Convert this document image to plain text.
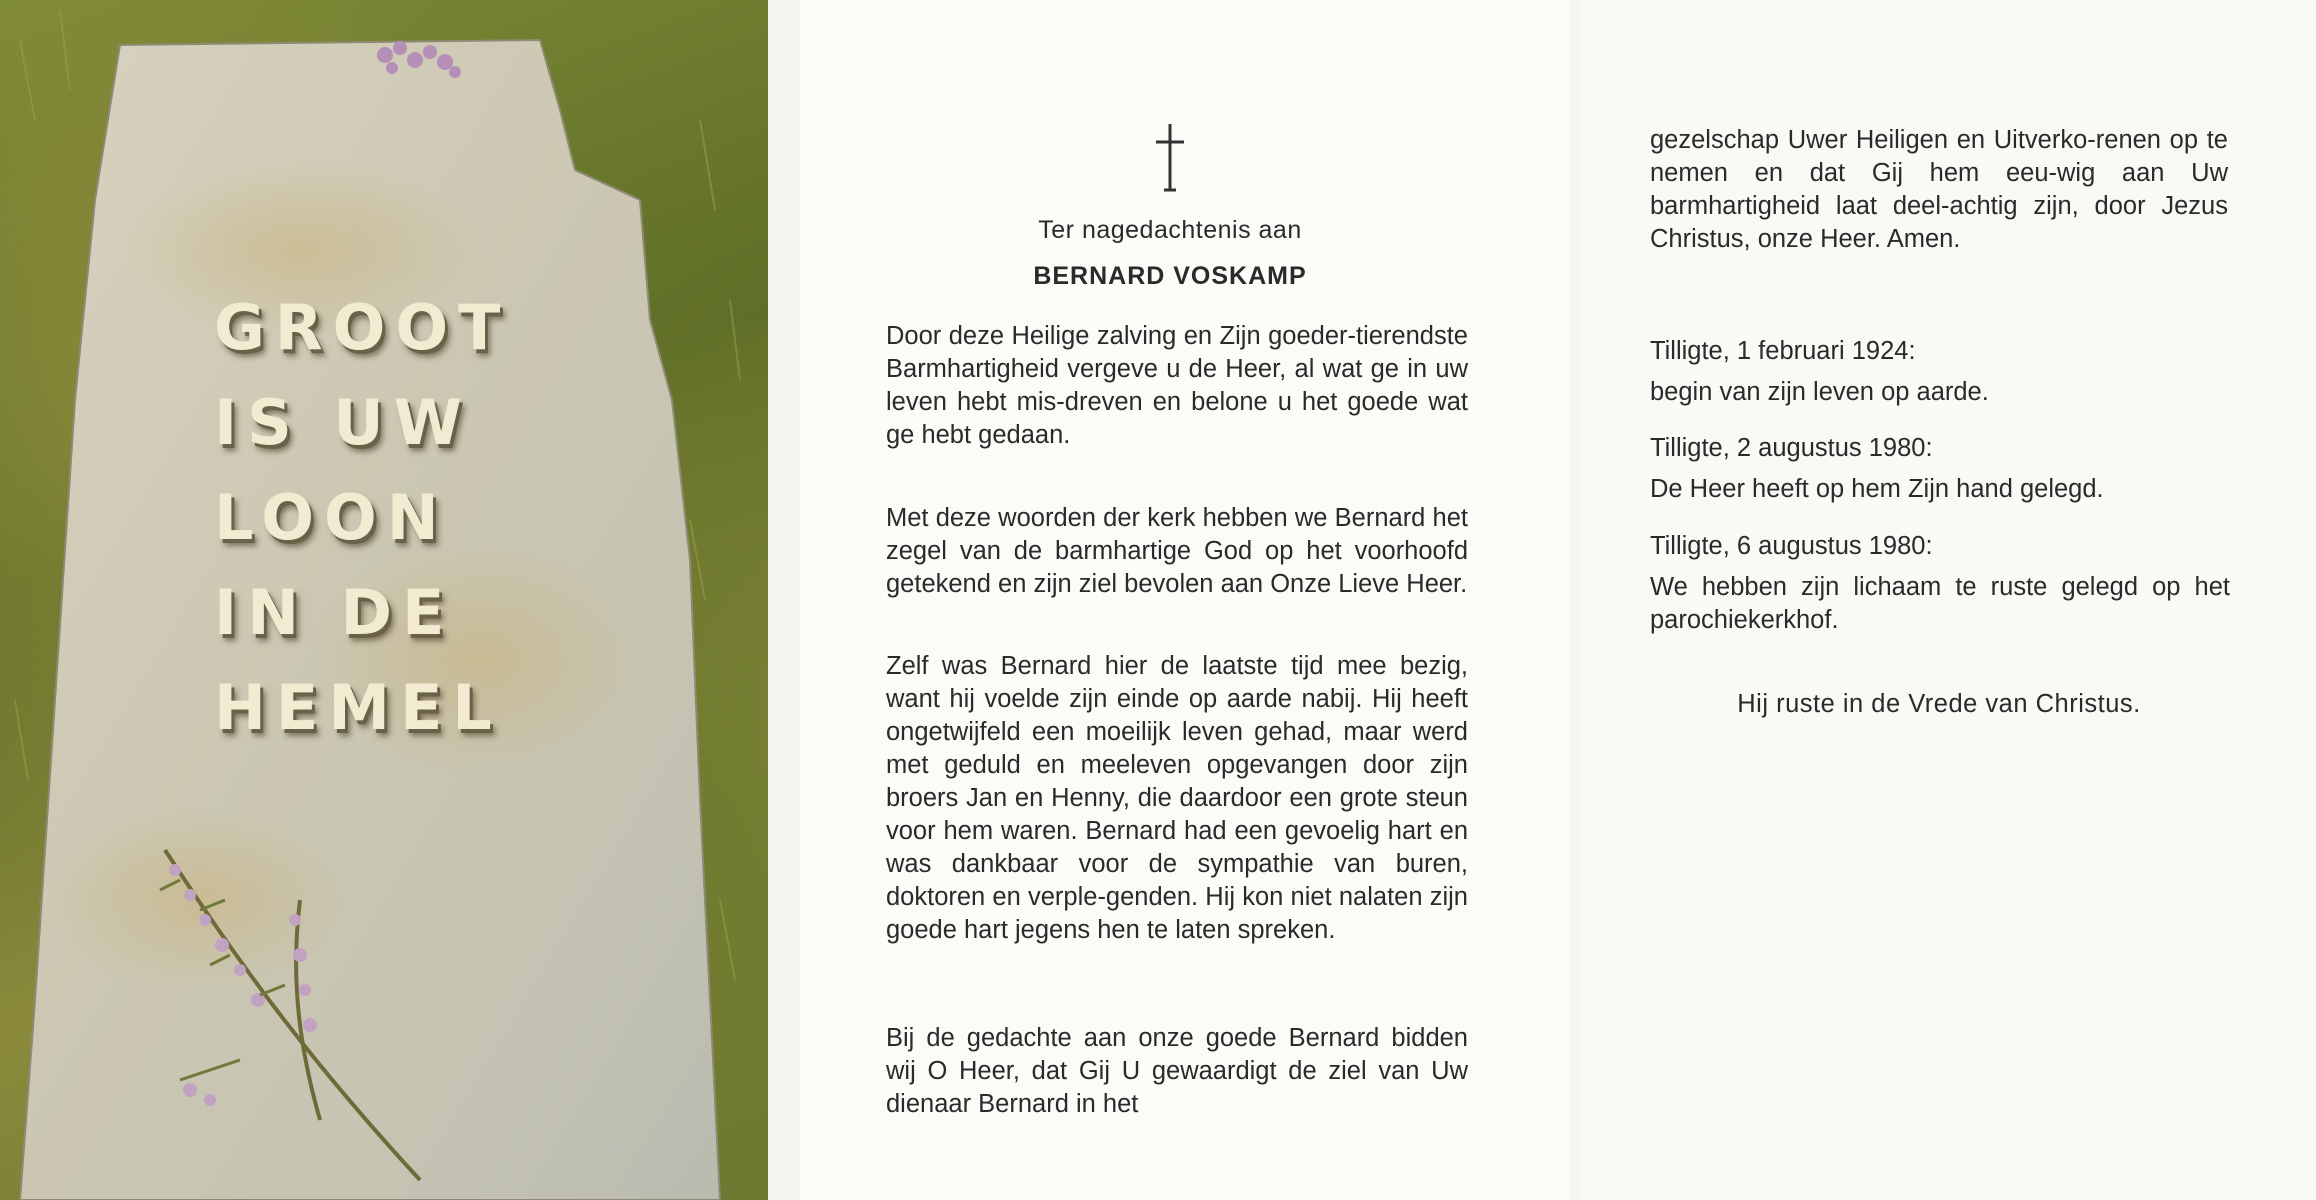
GROOT
IS UW
LOON
IN DE
HEMEL
Ter nagedachtenis aan
BERNARD VOSKAMP
Door deze Heilige zalving en Zijn goeder-tierendste Barmhartigheid vergeve u de Heer, al wat ge in uw leven hebt mis-dreven en belone u het goede wat ge hebt gedaan.
Met deze woorden der kerk hebben we Bernard het zegel van de barmhartige God op het voorhoofd getekend en zijn ziel bevolen aan Onze Lieve Heer.
Zelf was Bernard hier de laatste tijd mee bezig, want hij voelde zijn einde op aarde nabij. Hij heeft ongetwijfeld een moeilijk leven gehad, maar werd met geduld en meeleven opgevangen door zijn broers Jan en Henny, die daardoor een grote steun voor hem waren. Bernard had een gevoelig hart en was dankbaar voor de sympathie van buren, doktoren en verple-genden. Hij kon niet nalaten zijn goede hart jegens hen te laten spreken.
Bij de gedachte aan onze goede Bernard bidden wij O Heer, dat Gij U gewaardigt de ziel van Uw dienaar Bernard in het
gezelschap Uwer Heiligen en Uitverko-renen op te nemen en dat Gij hem eeu-wig aan Uw barmhartigheid laat deel-achtig zijn, door Jezus Christus, onze Heer. Amen.
Tilligte, 1 februari 1924:
begin van zijn leven op aarde.
Tilligte, 2 augustus 1980:
De Heer heeft op hem Zijn hand gelegd.
Tilligte, 6 augustus 1980:
We hebben zijn lichaam te ruste gelegd op het parochiekerkhof.
Hij ruste in de Vrede van Christus.
